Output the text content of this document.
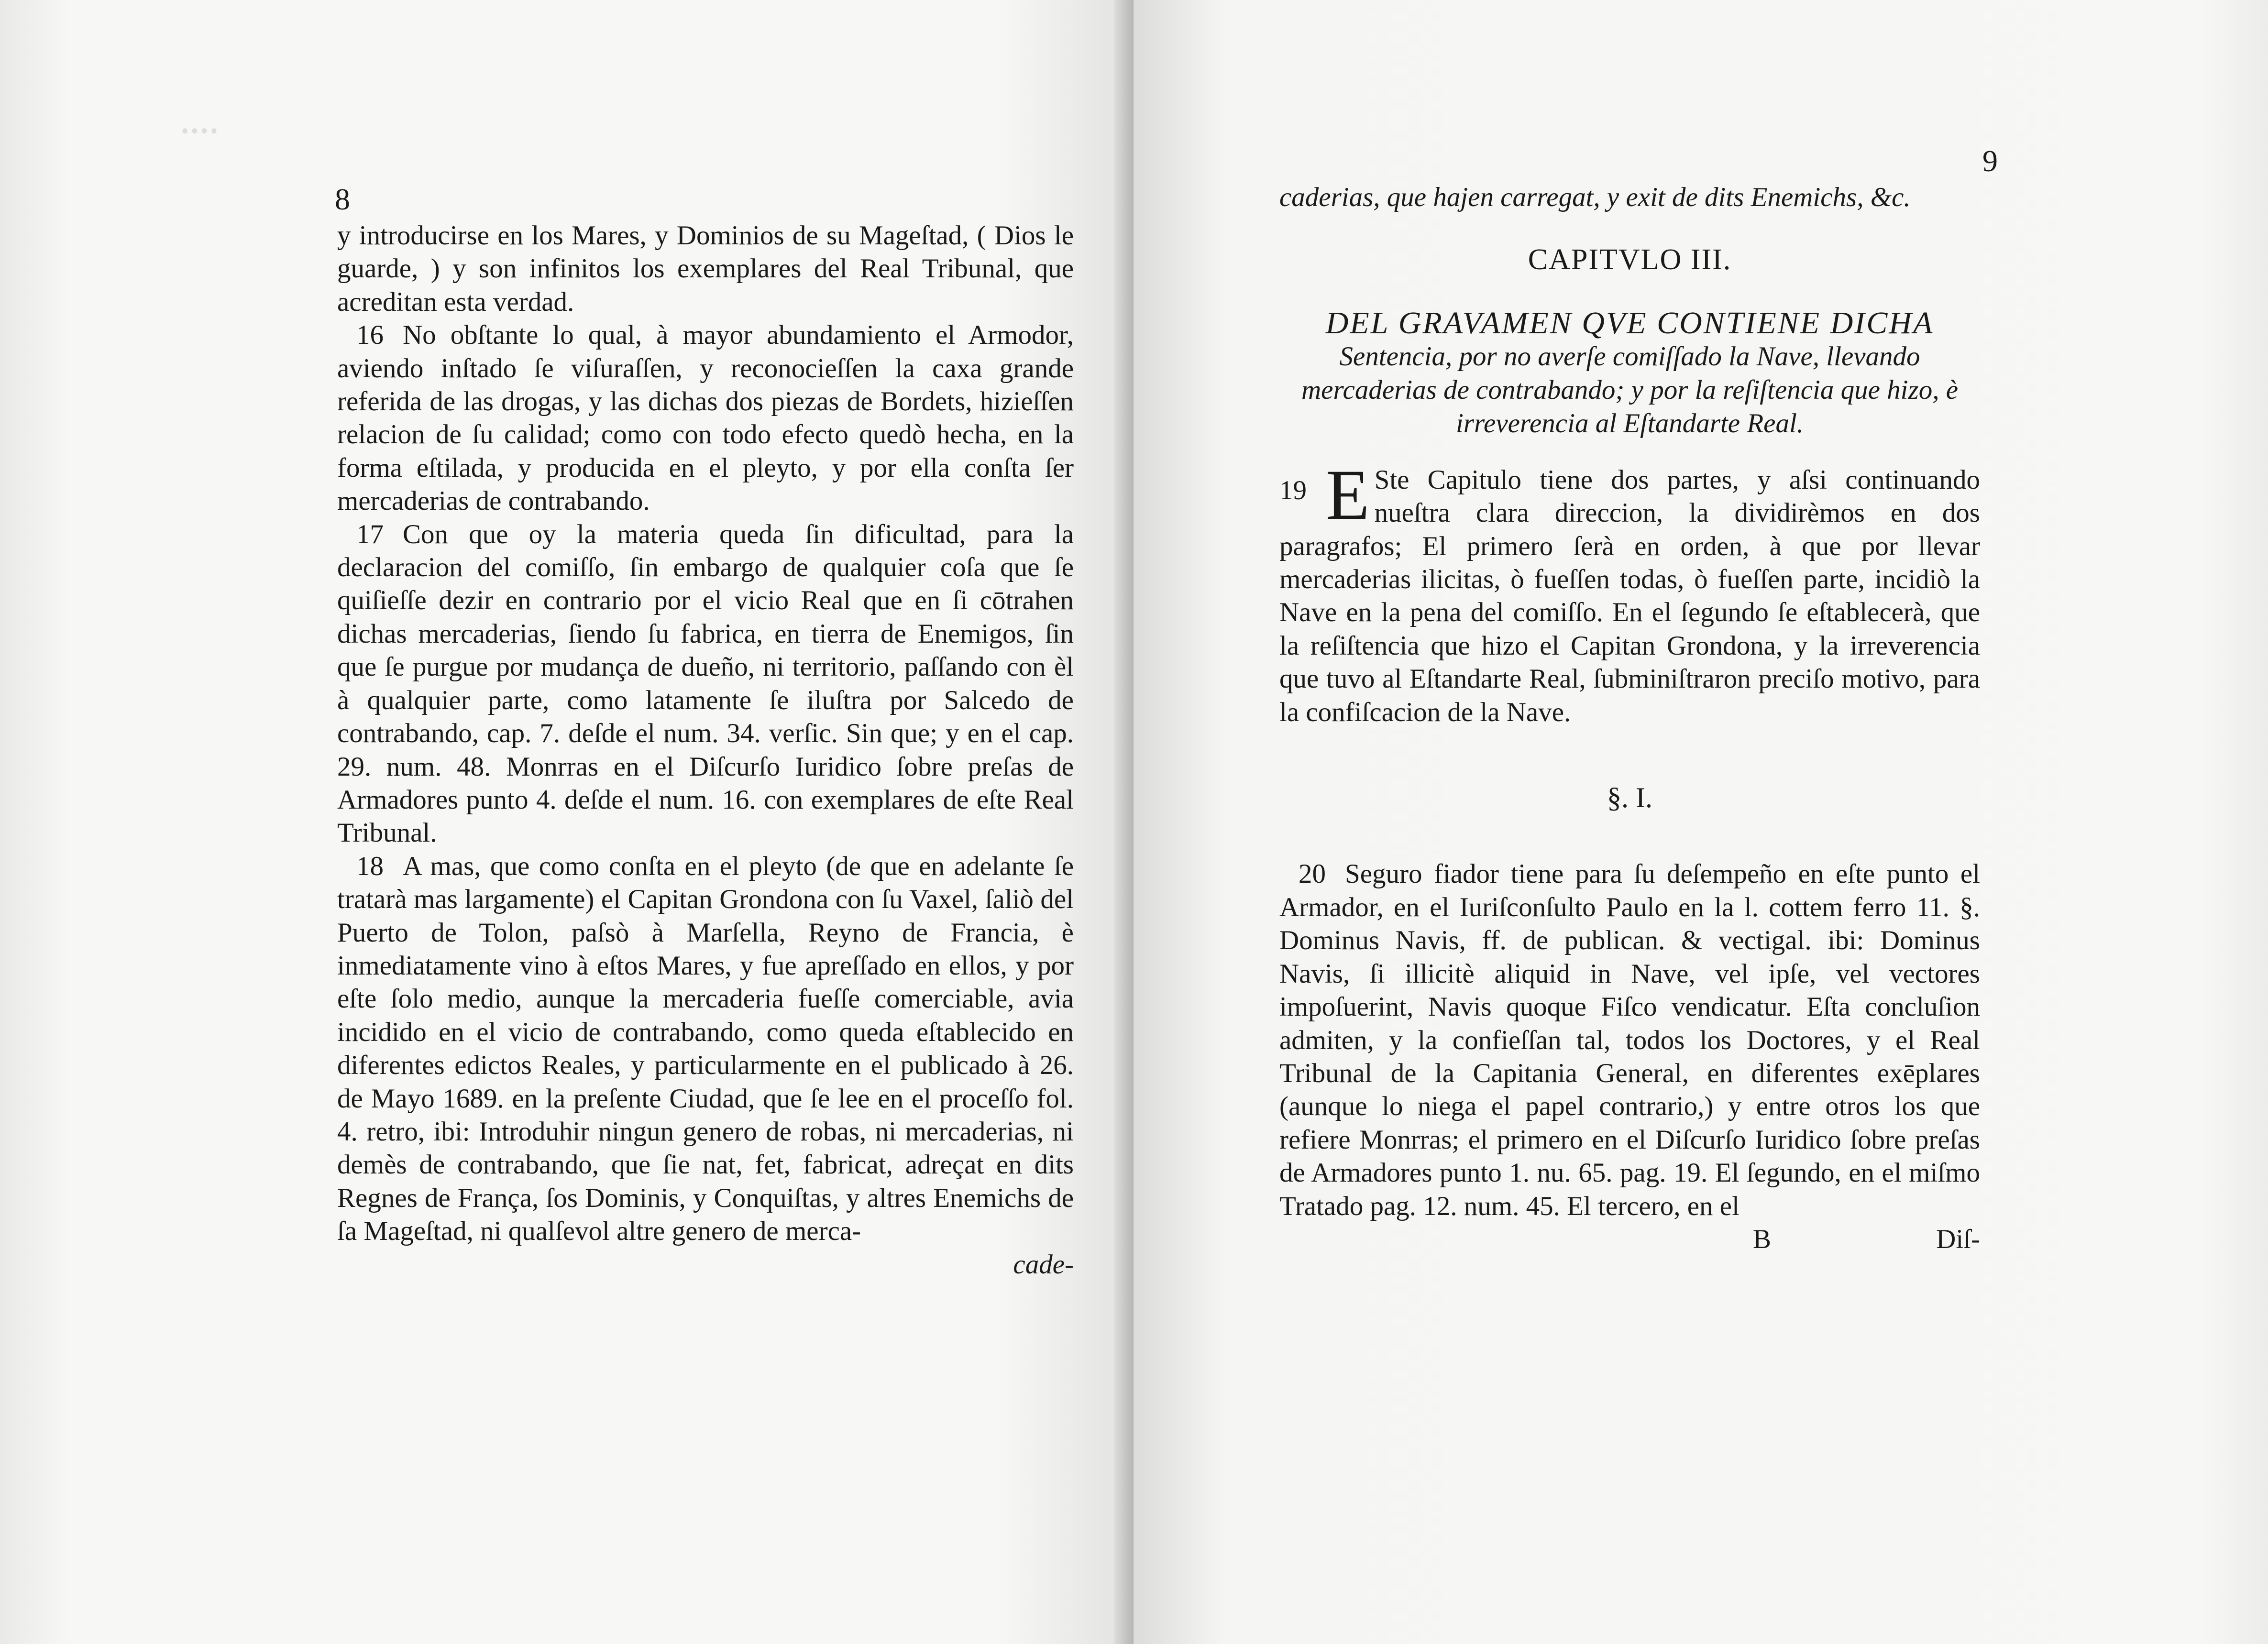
᠁
8

y introducirse en los Mares, y Dominios de su Mageſtad, ( Dios le guarde, ) y son infinitos los exemplares del Real Tribunal, que acreditan esta verdad.

16 No obſtante lo qual, à mayor abundamiento el Armodor, aviendo inſtado ſe viſuraſſen, y reconocieſſen la caxa grande referida de las drogas, y las dichas dos piezas de Bordets, hizieſſen relacion de ſu calidad; como con todo efecto quedò hecha, en la forma eſtilada, y producida en el pleyto, y por ella conſta ſer mercaderias de contrabando.

17 Con que oy la materia queda ſin dificultad, para la declaracion del comiſſo, ſin embargo de qualquier coſa que ſe quiſieſſe dezir en contrario por el vicio Real que en ſi cōtrahen dichas mercaderias, ſiendo ſu fabrica, en tierra de Enemigos, ſin que ſe purgue por mudança de dueño, ni territorio, paſſando con èl à qualquier parte, como latamente ſe iluſtra por Salcedo de contrabando, cap. 7. deſde el num. 34. verſic. Sin que; y en el cap. 29. num. 48. Monrras en el Diſcurſo Iuridico ſobre preſas de Armadores punto 4. deſde el num. 16. con exemplares de eſte Real Tribunal.

18 A mas, que como conſta en el pleyto (de que en adelante ſe tratarà mas largamente) el Capitan Grondona con ſu Vaxel, ſaliò del Puerto de Tolon, paſsò à Marſella, Reyno de Francia, è inmediatamente vino à eſtos Mares, y fue apreſſado en ellos, y por eſte ſolo medio, aunque la mercaderia fueſſe comerciable, avia incidido en el vicio de contrabando, como queda eſtablecido en diferentes edictos Reales, y particularmente en el publicado à 26. de Mayo 1689. en la preſente Ciudad, que ſe lee en el proceſſo fol. 4. retro, ibi: Introduhir ningun genero de robas, ni mercaderias, ni demès de contrabando, que ſie nat, fet, fabricat, adreçat en dits Regnes de França, ſos Dominis, y Conquiſtas, y altres Enemichs de ſa Mageſtad, ni qualſevol altre genero de merca-

cade-

9

caderias, que hajen carregat, y exit de dits Enemichs, &c.

CAPITVLO III.
DEL GRAVAMEN QVE CONTIENE DICHA
Sentencia, por no averſe comiſſado la Nave, llevando mercaderias de contrabando; y por la reſiſtencia que hizo, è irreverencia al Eſtandarte Real.

19 E Ste Capitulo tiene dos partes, y aſsi continuando nueſtra clara direccion, la dividirèmos en dos paragrafos; El primero ſerà en orden, à que por llevar mercaderias ilicitas, ò fueſſen todas, ò fueſſen parte, incidiò la Nave en la pena del comiſſo. En el ſegundo ſe eſtablecerà, que la reſiſtencia que hizo el Capitan Grondona, y la irreverencia que tuvo al Eſtandarte Real, ſubminiſtraron preciſo motivo, para la confiſcacion de la Nave.

§. I.

20 Seguro fiador tiene para ſu deſempeño en eſte punto el Armador, en el Iuriſconſulto Paulo en la l. cottem ferro 11. §. Dominus Navis, ff. de publican. & vectigal. ibi: Dominus Navis, ſi illicitè aliquid in Nave, vel ipſe, vel vectores impoſuerint, Navis quoque Fiſco vendicatur. Eſta concluſion admiten, y la confieſſan tal, todos los Doctores, y el Real Tribunal de la Capitania General, en diferentes exēplares (aunque lo niega el papel contrario,) y entre otros los que refiere Monrras; el primero en el Diſcurſo Iuridico ſobre preſas de Armadores punto 1. nu. 65. pag. 19. El ſegundo, en el miſmo Tratado pag. 12. num. 45. El tercero, en el

B	Diſ-
